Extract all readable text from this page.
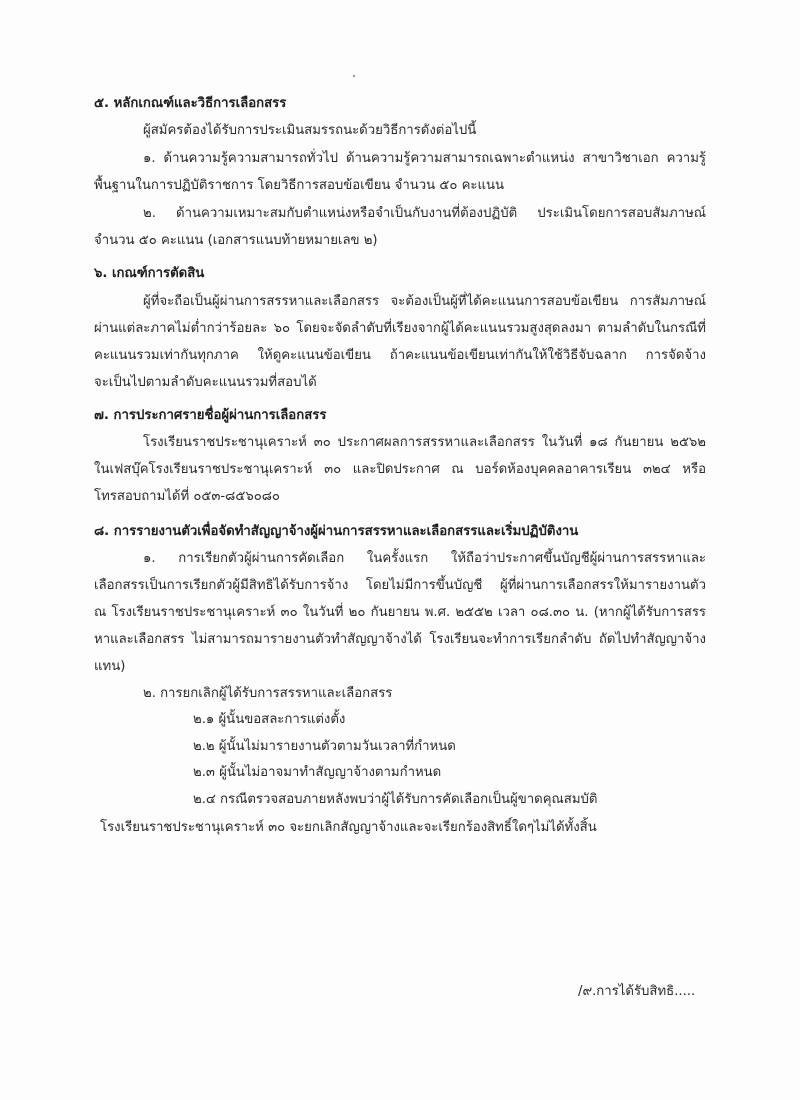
๕. หลักเกณฑ์และวิธีการเลือกสรร
ผู้สมัครต้องได้รับการประเมินสมรรถนะด้วยวิธีการดังต่อไปนี้
๑. ด้านความรู้ความสามารถทั่วไป ด้านความรู้ความสามารถเฉพาะตำแหน่ง สาขาวิชาเอก ความรู้
พื้นฐานในการปฏิบัติราชการ โดยวิธีการสอบข้อเขียน จำนวน ๕๐ คะแนน
๒. ด้านความเหมาะสมกับตำแหน่งหรือจำเป็นกับงานที่ต้องปฏิบัติ ประเมินโดยการสอบสัมภาษณ์
จำนวน ๕๐ คะแนน (เอกสารแนบท้ายหมายเลข ๒)
๖. เกณฑ์การตัดสิน
ผู้ที่จะถือเป็นผู้ผ่านการสรรหาและเลือกสรร จะต้องเป็นผู้ที่ได้คะแนนการสอบข้อเขียน การสัมภาษณ์
ผ่านแต่ละภาคไม่ต่ำกว่าร้อยละ ๖๐ โดยจะจัดลำดับที่เรียงจากผู้ได้คะแนนรวมสูงสุดลงมา ตามลำดับในกรณีที่
คะแนนรวมเท่ากันทุกภาค ให้ดูคะแนนข้อเขียน ถ้าคะแนนข้อเขียนเท่ากันให้ใช้วิธีจับฉลาก การจัดจ้าง
จะเป็นไปตามลำดับคะแนนรวมที่สอบได้
๗. การประกาศรายชื่อผู้ผ่านการเลือกสรร
โรงเรียนราชประชานุเคราะห์ ๓๐ ประกาศผลการสรรหาและเลือกสรร ในวันที่ ๑๘ กันยายน ๒๕๖๒
ในเฟสบุ๊คโรงเรียนราชประชานุเคราะห์ ๓๐ และปิดประกาศ ณ บอร์ดห้องบุคคลอาคารเรียน ๓๒๔ หรือ
โทรสอบถามได้ที่ ๐๕๓-๘๕๖๐๘๐
๘. การรายงานตัวเพื่อจัดทำสัญญาจ้างผู้ผ่านการสรรหาและเลือกสรรและเริ่มปฏิบัติงาน
๑. การเรียกตัวผู้ผ่านการคัดเลือก ในครั้งแรก ให้ถือว่าประกาศขึ้นบัญชีผู้ผ่านการสรรหาและ
เลือกสรรเป็นการเรียกตัวผู้มีสิทธิได้รับการจ้าง โดยไม่มีการขึ้นบัญชี ผู้ที่ผ่านการเลือกสรรให้มารายงานตัว
ณ โรงเรียนราชประชานุเคราะห์ ๓๐ ในวันที่ ๒๐ กันยายน พ.ศ. ๒๕๕๒ เวลา ๐๘.๓๐ น. (หากผู้ได้รับการสรร
หาและเลือกสรร ไม่สามารถมารายงานตัวทำสัญญาจ้างได้ โรงเรียนจะทำการเรียกลำดับ ถัดไปทำสัญญาจ้าง
แทน)
๒. การยกเลิกผู้ได้รับการสรรหาและเลือกสรร
๒.๑ ผู้นั้นขอสละการแต่งตั้ง
๒.๒ ผู้นั้นไม่มารายงานตัวตามวันเวลาที่กำหนด
๒.๓ ผู้นั้นไม่อาจมาทำสัญญาจ้างตามกำหนด
๒.๔ กรณีตรวจสอบภายหลังพบว่าผู้ได้รับการคัดเลือกเป็นผู้ขาดคุณสมบัติ
โรงเรียนราชประชานุเคราะห์ ๓๐ จะยกเลิกสัญญาจ้างและจะเรียกร้องสิทธิ์ใดๆไม่ได้ทั้งสิ้น
/๙.การได้รับสิทธิ.....
